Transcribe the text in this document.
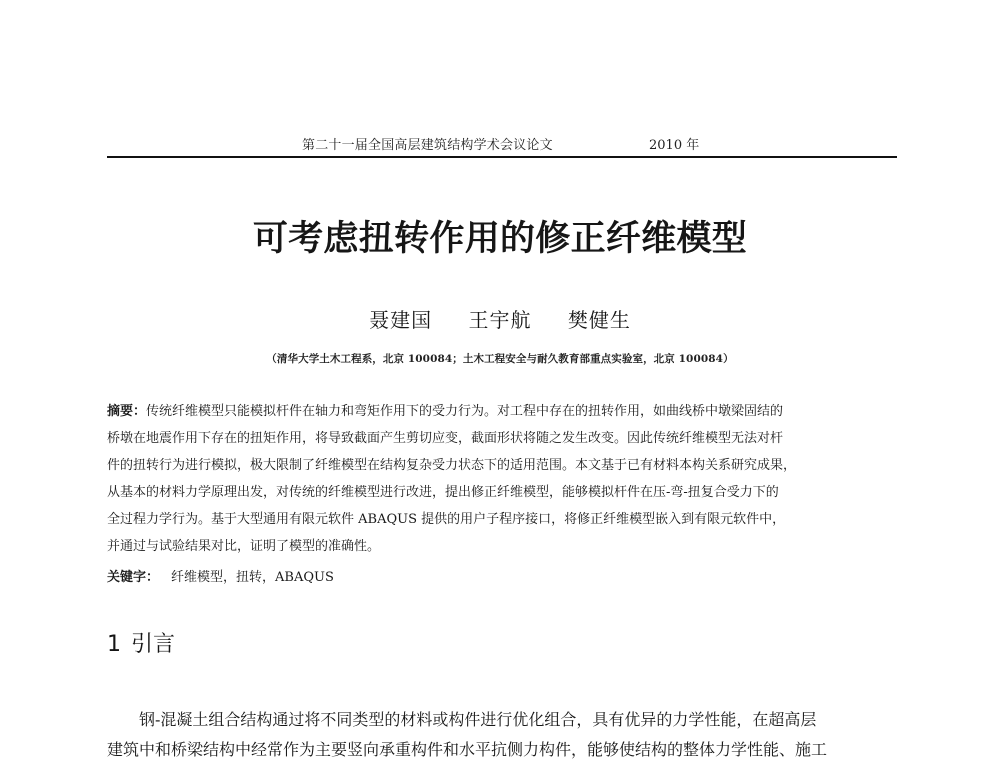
第二十一届全国高层建筑结构学术会议论文	2010 年
可考虑扭转作用的修正纤维模型
聂建国 王宇航 樊健生
（清华大学土木工程系，北京 100084；土木工程安全与耐久教育部重点实验室，北京 100084）
摘要：传统纤维模型只能模拟杆件在轴力和弯矩作用下的受力行为。对工程中存在的扭转作用，如曲线桥中墩梁固结的
桥墩在地震作用下存在的扭矩作用，将导致截面产生剪切应变，截面形状将随之发生改变。因此传统纤维模型无法对杆
件的扭转行为进行模拟，极大限制了纤维模型在结构复杂受力状态下的适用范围。本文基于已有材料本构关系研究成果，
从基本的材料力学原理出发，对传统的纤维模型进行改进，提出修正纤维模型，能够模拟杆件在压-弯-扭复合受力下的
全过程力学行为。基于大型通用有限元软件 ABAQUS 提供的用户子程序接口，将修正纤维模型嵌入到有限元软件中，
并通过与试验结果对比，证明了模型的准确性。
关键字： 纤维模型，扭转，ABAQUS
1 引言
钢-混凝土组合结构通过将不同类型的材料或构件进行优化组合，具有优异的力学性能，在超高层
建筑中和桥梁结构中经常作为主要竖向承重构件和水平抗侧力构件，能够使结构的整体力学性能、施工
